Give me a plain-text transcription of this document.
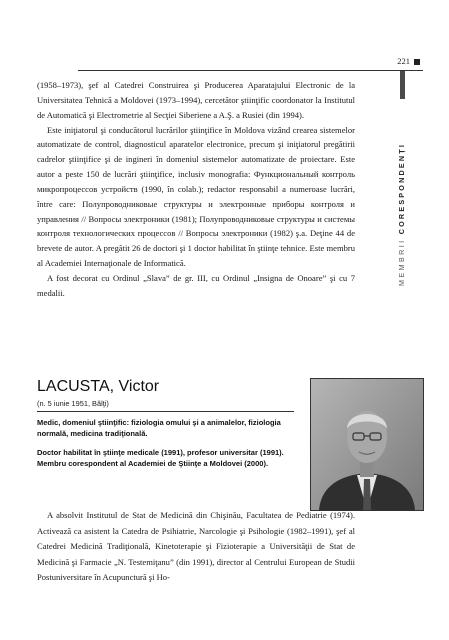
221
MEMBRII CORESPONDENȚI

(1958–1973), şef al Catedrei Construirea şi Producerea Aparatajului Electronic de la Universitatea Tehnică a Moldovei (1973–1994), cercetător ştiinţific coordonator la Institutul de Automatică şi Electrometrie al Secţiei Siberiene a A.Ş. a Rusiei (din 1994).

Este iniţiatorul şi conducătorul lucrărilor ştiinţifice în Moldova vizând crearea sistemelor automatizate de control, diagnosticul aparatelor electronice, precum şi iniţiatorul pregătirii cadrelor ştiinţifice şi de ingineri în domeniul sistemelor automatizate de proiectare. Este autor a peste 150 de lucrări ştiinţifice, inclusiv monografia: Функциональный контроль микропроцессов устройств (1990, în colab.); redactor responsabil a numeroase lucrări, între care: Полупроводниковые структуры и электронные приборы контроля и управления // Вопросы электроники (1981); Полупроводниковые структуры и системы контроля технологических процессов // Вопросы электроники (1982) ş.a. Deţine 44 de brevete de autor. A pregătit 26 de doctori şi 1 doctor habilitat în ştiinţe tehnice. Este membru al Academiei Internaţionale de Informatică.

A fost decorat cu Ordinul „Slava” de gr. III, cu Ordinul „Insigna de Onoare” şi cu 7 medalii.

LACUSTA, Victor
(n. 5 iunie 1951, Bălţi)

Medic, domeniul ştiinţific: fiziologia omului şi a animalelor, fiziologia normală, medicina tradiţională.

Doctor habilitat în ştiinţe medicale (1991), profesor universitar (1991). Membru corespondent al Academiei de Ştiinţe a Moldovei (2000).

A absolvit Institutul de Stat de Medicină din Chişinău, Facultatea de Pediatrie (1974). Activează ca asistent la Catedra de Psihiatrie, Narcologie şi Psihologie (1982–1991), şef al Catedrei Medicină Tradiţională, Kinetoterapie şi Fizioterapie a Universităţii de Stat de Medicină şi Farmacie „N. Testemiţanu” (din 1991), director al Centrului European de Studii Postuniversitare în Acupunctură şi Ho-
